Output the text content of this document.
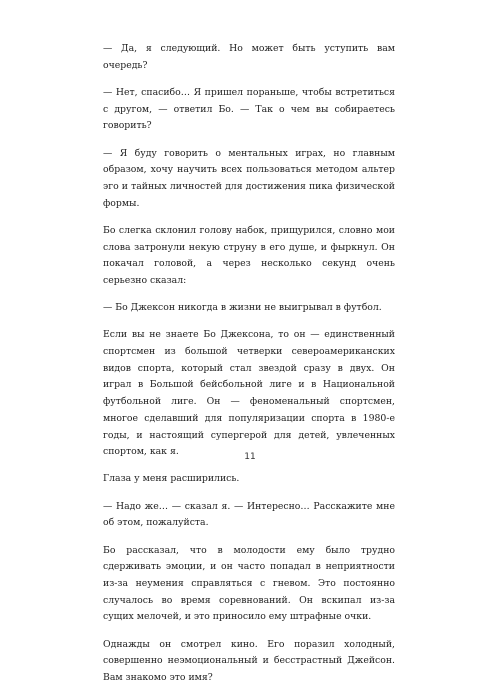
— Да, я следующий. Но может быть уступить вам очередь?

— Нет, спасибо… Я пришел пораньше, чтобы встретиться с другом, — ответил Бо. — Так о чем вы собираетесь говорить?

— Я буду говорить о ментальных играх, но главным образом, хочу научить всех пользоваться методом альтер эго и тайных личностей для достижения пика физической формы.

Бо слегка склонил голову набок, прищурился, словно мои слова затронули некую струну в его душе, и фыркнул. Он покачал головой, а через несколько секунд очень серьезно сказал:

— Бо Джексон никогда в жизни не выигрывал в футбол.

Если вы не знаете Бо Джексона, то он — единственный спортсмен из большой четверки североамериканских видов спорта, который стал звездой сразу в двух. Он играл в Большой бейсбольной лиге и в Национальной футбольной лиге. Он — феноменальный спортсмен, многое сделавший для популяризации спорта в 1980-е годы, и настоящий супергерой для детей, увлеченных спортом, как я.

Глаза у меня расширились.

— Надо же… — сказал я. — Интересно… Расскажите мне об этом, пожалуйста.

Бо рассказал, что в молодости ему было трудно сдерживать эмоции, и он часто попадал в неприятности из-за неумения справляться с гневом. Это постоянно случалось во время соревнований. Он вскипал из-за сущих мелочей, и это приносило ему штрафные очки.

Однажды он смотрел кино. Его поразил холодный, совершенно неэмоциональный и бесстрастный Джейсон. Вам знакомо это имя?

11
